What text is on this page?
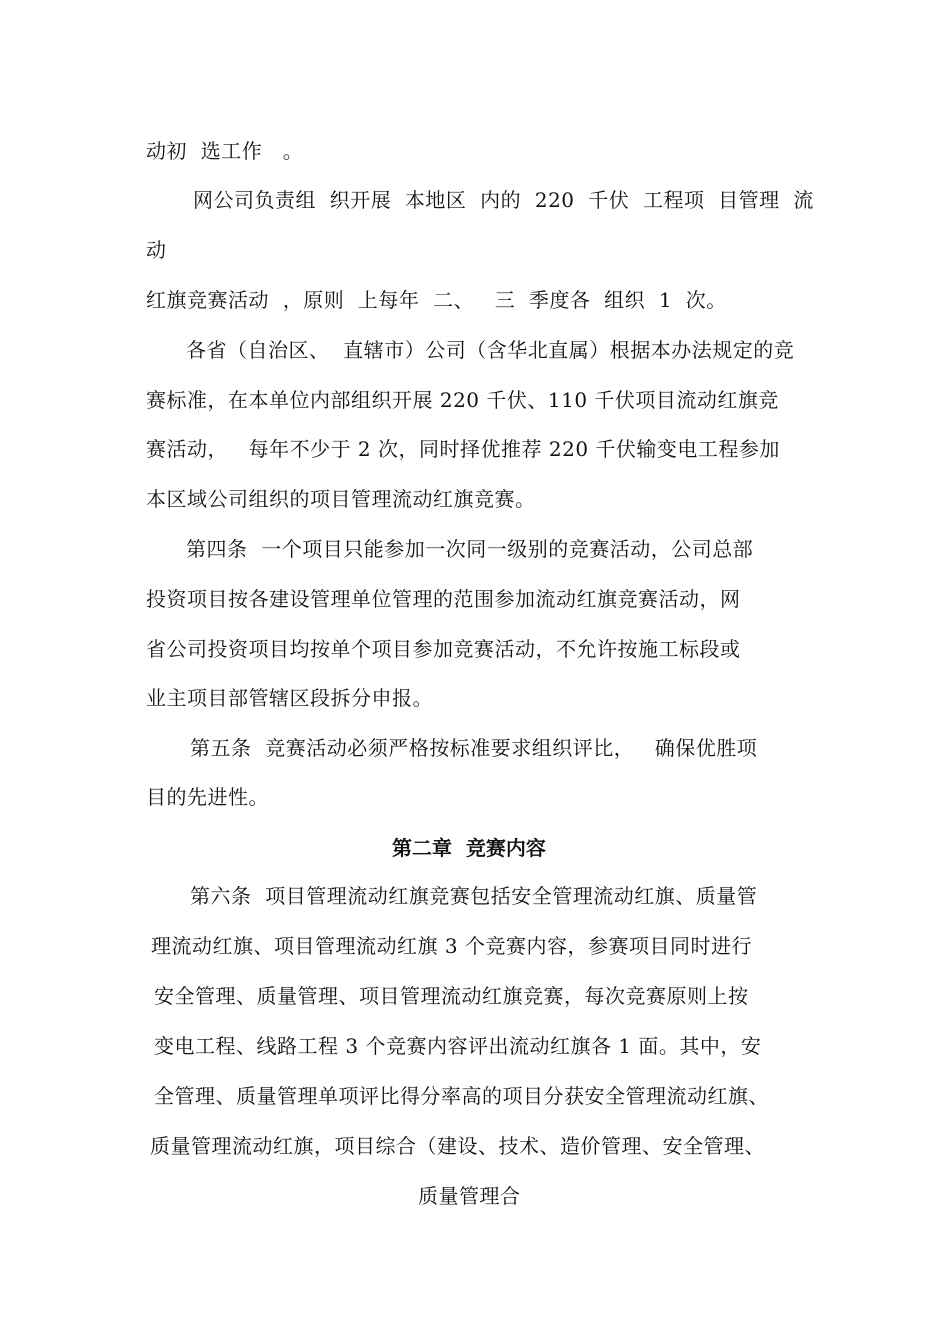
动初  选工作   。
网公司负责组  织开展  本地区  内的  220  千伏  工程项  目管理  流
动
红旗竞赛活动  ，原则  上每年  二、   三  季度各  组织  1  次。
各省（自治区、  直辖市）公司（含华北直属）根据本办法规定的竞
赛标准，在本单位内部组织开展 220 千伏、110 千伏项目流动红旗竞
赛活动，   每年不少于 2 次，同时择优推荐 220 千伏输变电工程参加
本区域公司组织的项目管理流动红旗竞赛。
第四条  一个项目只能参加一次同一级别的竞赛活动，公司总部
投资项目按各建设管理单位管理的范围参加流动红旗竞赛活动，网
省公司投资项目均按单个项目参加竞赛活动，不允许按施工标段或
业主项目部管辖区段拆分申报。
第五条  竞赛活动必须严格按标准要求组织评比，   确保优胜项
目的先进性。
第二章  竞赛内容
第六条  项目管理流动红旗竞赛包括安全管理流动红旗、质量管
理流动红旗、项目管理流动红旗 3 个竞赛内容，参赛项目同时进行
安全管理、质量管理、项目管理流动红旗竞赛，每次竞赛原则上按
变电工程、线路工程 3 个竞赛内容评出流动红旗各 1 面。其中，安
全管理、质量管理单项评比得分率高的项目分获安全管理流动红旗、
质量管理流动红旗，项目综合（建设、技术、造价管理、安全管理、
质量管理合
